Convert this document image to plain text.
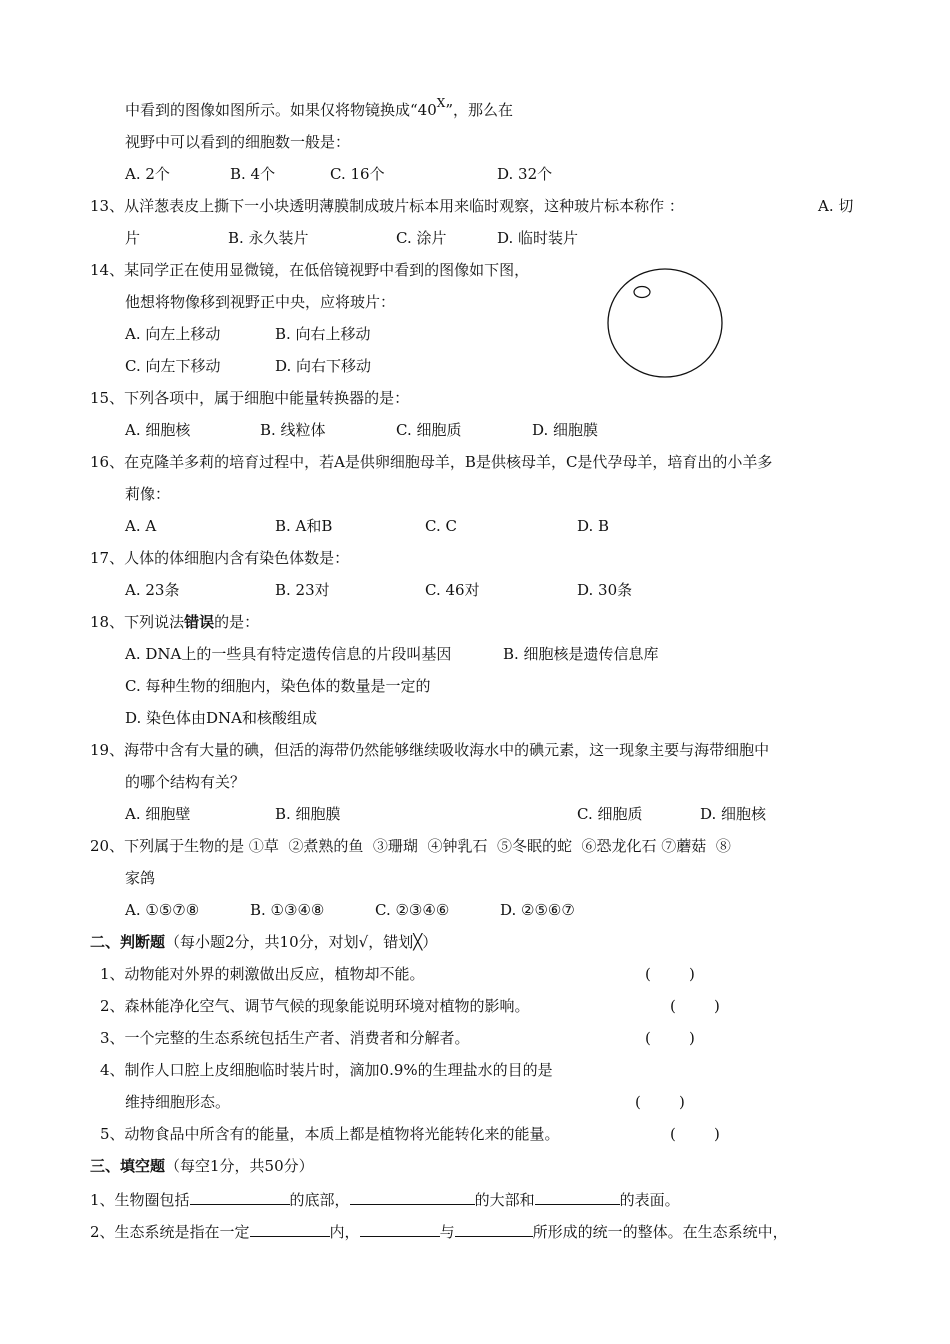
中看到的图像如图所示。如果仅将物镜换成“$40^X$”，那么在
视野中可以看到的细胞数一般是：
A. 2个	B. 4个	C. 16个	D. 32个
13、从洋葱表皮上撕下一小块透明薄膜制成玻片标本用来临时观察，这种玻片标本称作 ：	A. 切
片	B. 永久装片	C. 涂片	D. 临时装片
14、某同学正在使用显微镜，在低倍镜视野中看到的图像如下图，
他想将物像移到视野正中央，应将玻片：
A. 向左上移动	B. 向右上移动
C. 向左下移动	D. 向右下移动
15、下列各项中，属于细胞中能量转换器的是：
A. 细胞核	B. 线粒体	C. 细胞质	D. 细胞膜
16、在克隆羊多莉的培育过程中，若A是供卵细胞母羊，B是供核母羊，C是代孕母羊，培育出的小羊多
莉像：
A. A	B. A和B	C. C	D. B
17、人体的体细胞内含有染色体数是：
A. 23条	B. 23对	C. 46对	D. 30条
18、下列说法错误的是：
A. DNA上的一些具有特定遗传信息的片段叫基因	B. 细胞核是遗传信息库
C. 每种生物的细胞内，染色体的数量是一定的
D. 染色体由DNA和核酸组成
19、海带中含有大量的碘，但活的海带仍然能够继续吸收海水中的碘元素，这一现象主要与海带细胞中
的哪个结构有关？
A. 细胞壁	B. 细胞膜	C. 细胞质	D. 细胞核
20、下列属于生物的是 ①草  ②煮熟的鱼  ③珊瑚  ④钟乳石  ⑤冬眠的蛇  ⑥恐龙化石 ⑦蘑菇  ⑧
家鸽
A. ①⑤⑦⑧	B. ①③④⑧	C. ②③④⑥	D. ②⑤⑥⑦
二、判断题（每小题2分，共10分，对划√，错划╳）
1、动物能对外界的刺激做出反应，植物却不能。	(        )
2、森林能净化空气、调节气候的现象能说明环境对植物的影响。	(        )
3、一个完整的生态系统包括生产者、消费者和分解者。	(        )
4、制作人口腔上皮细胞临时装片时，滴加0.9%的生理盐水的目的是
维持细胞形态。	(        )
5、动物食品中所含有的能量，本质上都是植物将光能转化来的能量。	(        )
三、填空题（每空1分，共50分）
1、生物圈包括	的底部，	的大部和	的表面。
2、生态系统是指在一定	内，	与	所形成的统一的整体。在生态系统中，
